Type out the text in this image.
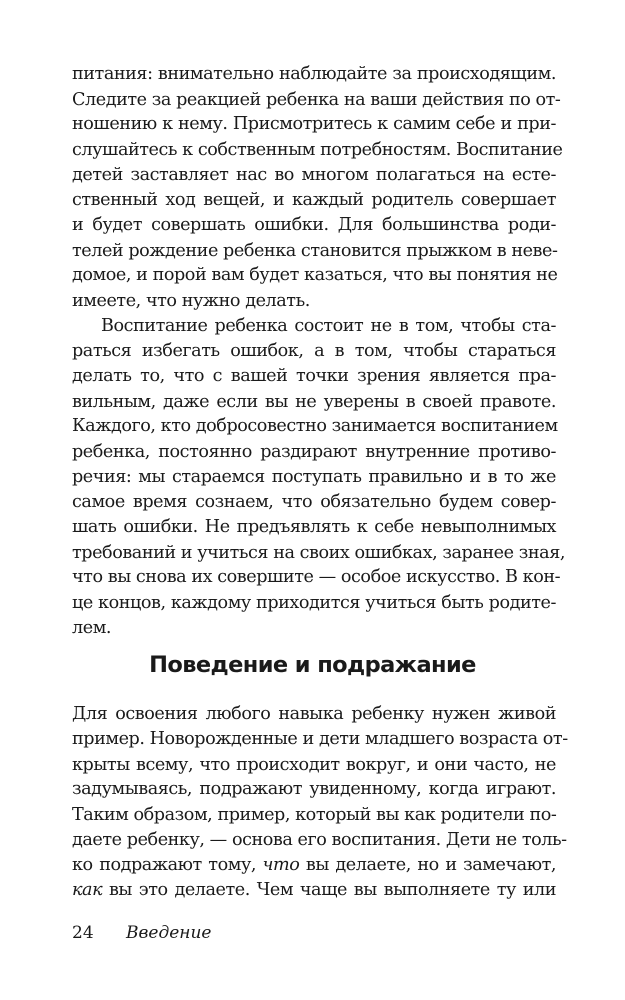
питания: внимательно наблюдайте за происходящим.
Следите за реакцией ребенка на ваши действия по от-
ношению к нему. Присмотритесь к самим себе и при-
слушайтесь к собственным потребностям. Воспитание
детей заставляет нас во многом полагаться на есте-
ственный ход вещей, и каждый родитель совершает
и будет совершать ошибки. Для большинства роди-
телей рождение ребенка становится прыжком в неве-
домое, и порой вам будет казаться, что вы понятия не
имеете, что нужно делать.
Воспитание ребенка состоит не в том, чтобы ста-
раться избегать ошибок, а в том, чтобы стараться
делать то, что с вашей точки зрения является пра-
вильным, даже если вы не уверены в своей правоте.
Каждого, кто добросовестно занимается воспитанием
ребенка, постоянно раздирают внутренние противо-
речия: мы стараемся поступать правильно и в то же
самое время сознаем, что обязательно будем совер-
шать ошибки. Не предъявлять к себе невыполнимых
требований и учиться на своих ошибках, заранее зная,
что вы снова их совершите — особое искусство. В кон-
це концов, каждому приходится учиться быть родите-
лем.
Поведение и подражание
Для освоения любого навыка ребенку нужен живой
пример. Новорожденные и дети младшего возраста от-
крыты всему, что происходит вокруг, и они часто, не
задумываясь, подражают увиденному, когда играют.
Таким образом, пример, который вы как родители по-
даете ребенку, — основа его воспитания. Дети не толь-
ко подражают тому, что вы делаете, но и замечают,
как вы это делаете. Чем чаще вы выполняете ту или
24 Введение
